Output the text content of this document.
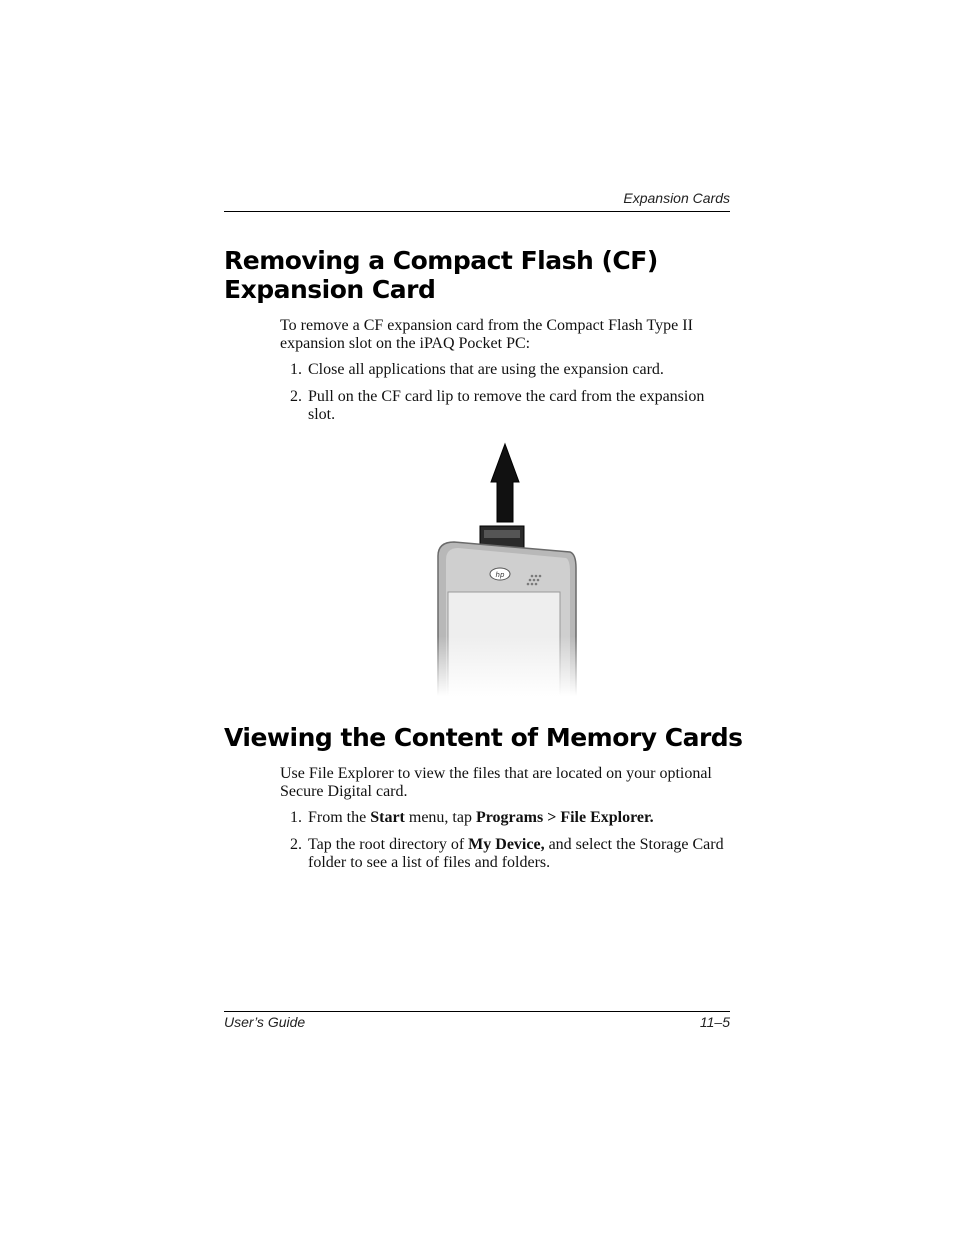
Expansion Cards
Removing a Compact Flash (CF)
Expansion Card
To remove a CF expansion card from the Compact Flash Type II expansion slot on the iPAQ Pocket PC:
1. Close all applications that are using the expansion card.
2. Pull on the CF card lip to remove the card from the expansion slot.
hp
Viewing the Content of Memory Cards
Use File Explorer to view the files that are located on your optional Secure Digital card.
1. From the Start menu, tap Programs > File Explorer.
2. Tap the root directory of My Device, and select the Storage Card folder to see a list of files and folders.
User’s Guide	11–5
